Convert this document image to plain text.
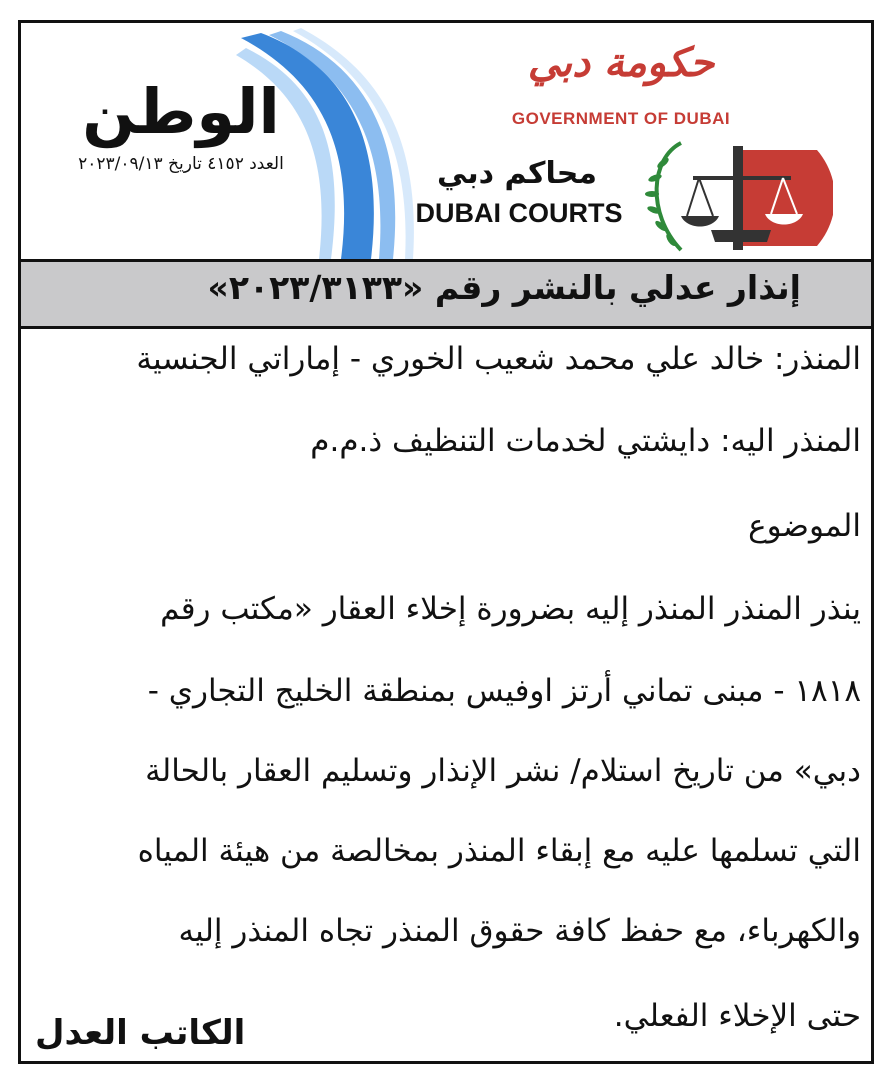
الوطن
العدد ٤١٥٢ تاريخ ٢٠٢٣/٠٩/١٣
حكومة دبي
GOVERNMENT OF DUBAI
محاكم دبي
DUBAI COURTS
إنذار عدلي بالنشر رقم «٢٠٢٣/٣١٣٣»
المنذر: خالد علي محمد شعيب الخوري - إماراتي الجنسية
المنذر اليه: دايشتي لخدمات التنظيف ذ.م.م
الموضوع
ينذر المنذر المنذر إليه بضرورة إخلاء العقار «مكتب رقم
١٨١٨ - مبنى تماني أرتز اوفيس بمنطقة الخليج التجاري -
دبي» من تاريخ استلام/ نشر الإنذار وتسليم العقار بالحالة
التي تسلمها عليه مع إبقاء المنذر بمخالصة من هيئة المياه
والكهرباء، مع حفظ كافة حقوق المنذر تجاه المنذر إليه
حتى الإخلاء الفعلي.
الكاتب العدل
